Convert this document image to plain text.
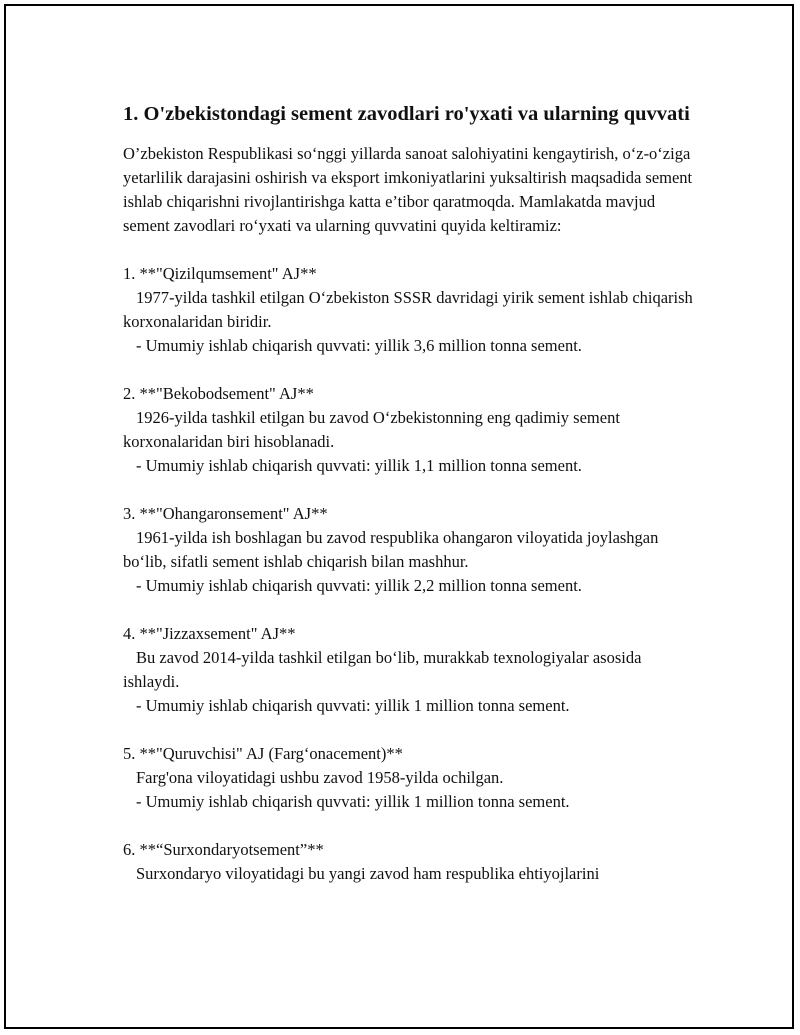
1. O'zbekistondagi sement zavodlari ro'yxati va ularning quvvati

O’zbekiston Respublikasi so‘nggi yillarda sanoat salohiyatini kengaytirish, o‘z-o‘ziga yetarlilik darajasini oshirish va eksport imkoniyatlarini yuksaltirish maqsadida sement ishlab chiqarishni rivojlantirishga katta e’tibor qaratmoqda. Mamlakatda mavjud sement zavodlari ro‘yxati va ularning quvvatini quyida keltiramiz:

1. **"Qizilqumsement" AJ**
1977-yilda tashkil etilgan O‘zbekiston SSSR davridagi yirik sement ishlab chiqarish korxonalaridan biridir.
- Umumiy ishlab chiqarish quvvati: yillik 3,6 million tonna sement.
2. **"Bekobodsement" AJ**
1926-yilda tashkil etilgan bu zavod O‘zbekistonning eng qadimiy sement korxonalaridan biri hisoblanadi.
- Umumiy ishlab chiqarish quvvati: yillik 1,1 million tonna sement.
3. **"Ohangaronsement" AJ**
1961-yilda ish boshlagan bu zavod respublika ohangaron viloyatida joylashgan bo‘lib, sifatli sement ishlab chiqarish bilan mashhur.
- Umumiy ishlab chiqarish quvvati: yillik 2,2 million tonna sement.
4. **"Jizzaxsement" AJ**
Bu zavod 2014-yilda tashkil etilgan bo‘lib, murakkab texnologiyalar asosida ishlaydi.
- Umumiy ishlab chiqarish quvvati: yillik 1 million tonna sement.
5. **"Quruvchisi" AJ (Farg‘onacement)**
Farg'ona viloyatidagi ushbu zavod 1958-yilda ochilgan.
- Umumiy ishlab chiqarish quvvati: yillik 1 million tonna sement.
6. **“Surxondaryotsement”**
Surxondaryo viloyatidagi bu yangi zavod ham respublika ehtiyojlarini
